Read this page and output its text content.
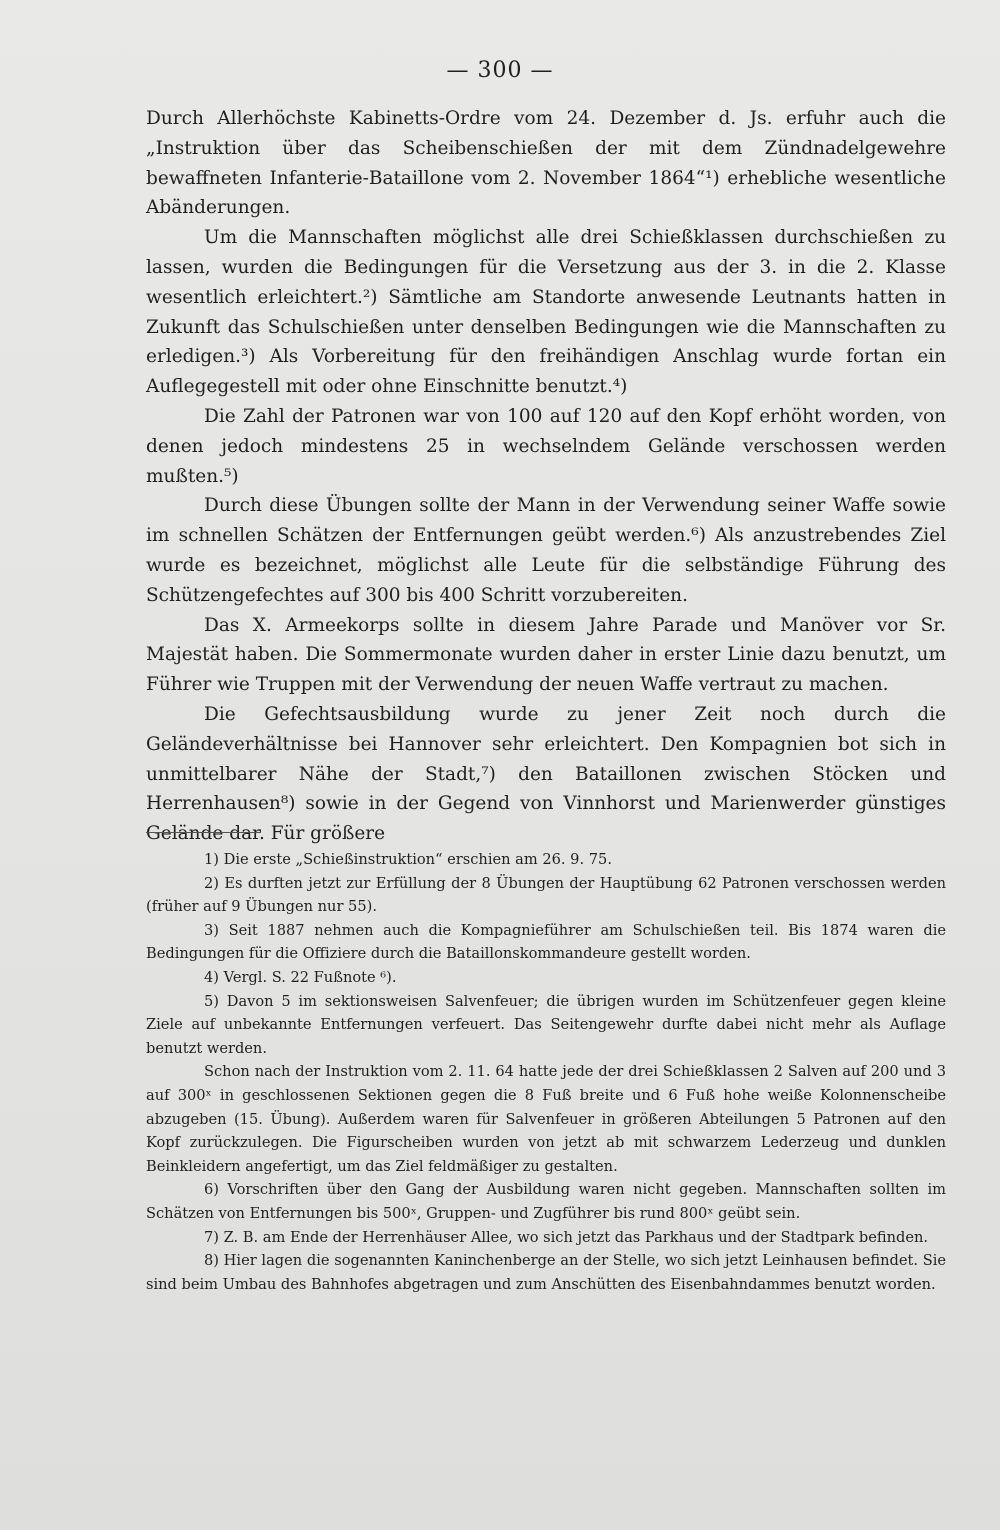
— 300 —

Durch Allerhöchste Kabinetts-Ordre vom 24. Dezember d. Js. erfuhr auch die „Instruktion über das Scheibenschießen der mit dem Zündnadelgewehre bewaffneten Infanterie-Bataillone vom 2. November 1864“¹) erhebliche wesentliche Abänderungen.

Um die Mannschaften möglichst alle drei Schießklassen durchschießen zu lassen, wurden die Bedingungen für die Versetzung aus der 3. in die 2. Klasse wesentlich erleichtert.²) Sämtliche am Standorte anwesende Leutnants hatten in Zukunft das Schulschießen unter denselben Bedingungen wie die Mannschaften zu erledigen.³) Als Vorbereitung für den freihändigen Anschlag wurde fortan ein Auflegegestell mit oder ohne Einschnitte benutzt.⁴)

Die Zahl der Patronen war von 100 auf 120 auf den Kopf erhöht worden, von denen jedoch mindestens 25 in wechselndem Gelände verschossen werden mußten.⁵)

Durch diese Übungen sollte der Mann in der Verwendung seiner Waffe sowie im schnellen Schätzen der Entfernungen geübt werden.⁶) Als anzustrebendes Ziel wurde es bezeichnet, möglichst alle Leute für die selbständige Führung des Schützengefechtes auf 300 bis 400 Schritt vorzubereiten.

Das X. Armeekorps sollte in diesem Jahre Parade und Manöver vor Sr. Majestät haben. Die Sommermonate wurden daher in erster Linie dazu benutzt, um Führer wie Truppen mit der Verwendung der neuen Waffe vertraut zu machen.

Die Gefechtsausbildung wurde zu jener Zeit noch durch die Geländeverhältnisse bei Hannover sehr erleichtert. Den Kompagnien bot sich in unmittelbarer Nähe der Stadt,⁷) den Bataillonen zwischen Stöcken und Herrenhausen⁸) sowie in der Gegend von Vinnhorst und Marienwerder günstiges Gelände dar. Für größere

1) Die erste „Schießinstruktion“ erschien am 26. 9. 75.

2) Es durften jetzt zur Erfüllung der 8 Übungen der Hauptübung 62 Patronen verschossen werden (früher auf 9 Übungen nur 55).

3) Seit 1887 nehmen auch die Kompagnieführer am Schulschießen teil. Bis 1874 waren die Bedingungen für die Offiziere durch die Bataillonskommandeure gestellt worden.

4) Vergl. S. 22 Fußnote ⁶).

5) Davon 5 im sektionsweisen Salvenfeuer; die übrigen wurden im Schützenfeuer gegen kleine Ziele auf unbekannte Entfernungen verfeuert. Das Seitengewehr durfte dabei nicht mehr als Auflage benutzt werden.

Schon nach der Instruktion vom 2. 11. 64 hatte jede der drei Schießklassen 2 Salven auf 200 und 3 auf 300ˣ in geschlossenen Sektionen gegen die 8 Fuß breite und 6 Fuß hohe weiße Kolonnenscheibe abzugeben (15. Übung). Außerdem waren für Salvenfeuer in größeren Abteilungen 5 Patronen auf den Kopf zurückzulegen. Die Figurscheiben wurden von jetzt ab mit schwarzem Lederzeug und dunklen Beinkleidern angefertigt, um das Ziel feldmäßiger zu gestalten.

6) Vorschriften über den Gang der Ausbildung waren nicht gegeben. Mannschaften sollten im Schätzen von Entfernungen bis 500ˣ, Gruppen- und Zugführer bis rund 800ˣ geübt sein.

7) Z. B. am Ende der Herrenhäuser Allee, wo sich jetzt das Parkhaus und der Stadtpark befinden.

8) Hier lagen die sogenannten Kaninchenberge an der Stelle, wo sich jetzt Leinhausen befindet. Sie sind beim Umbau des Bahnhofes abgetragen und zum Anschütten des Eisenbahndammes benutzt worden.
